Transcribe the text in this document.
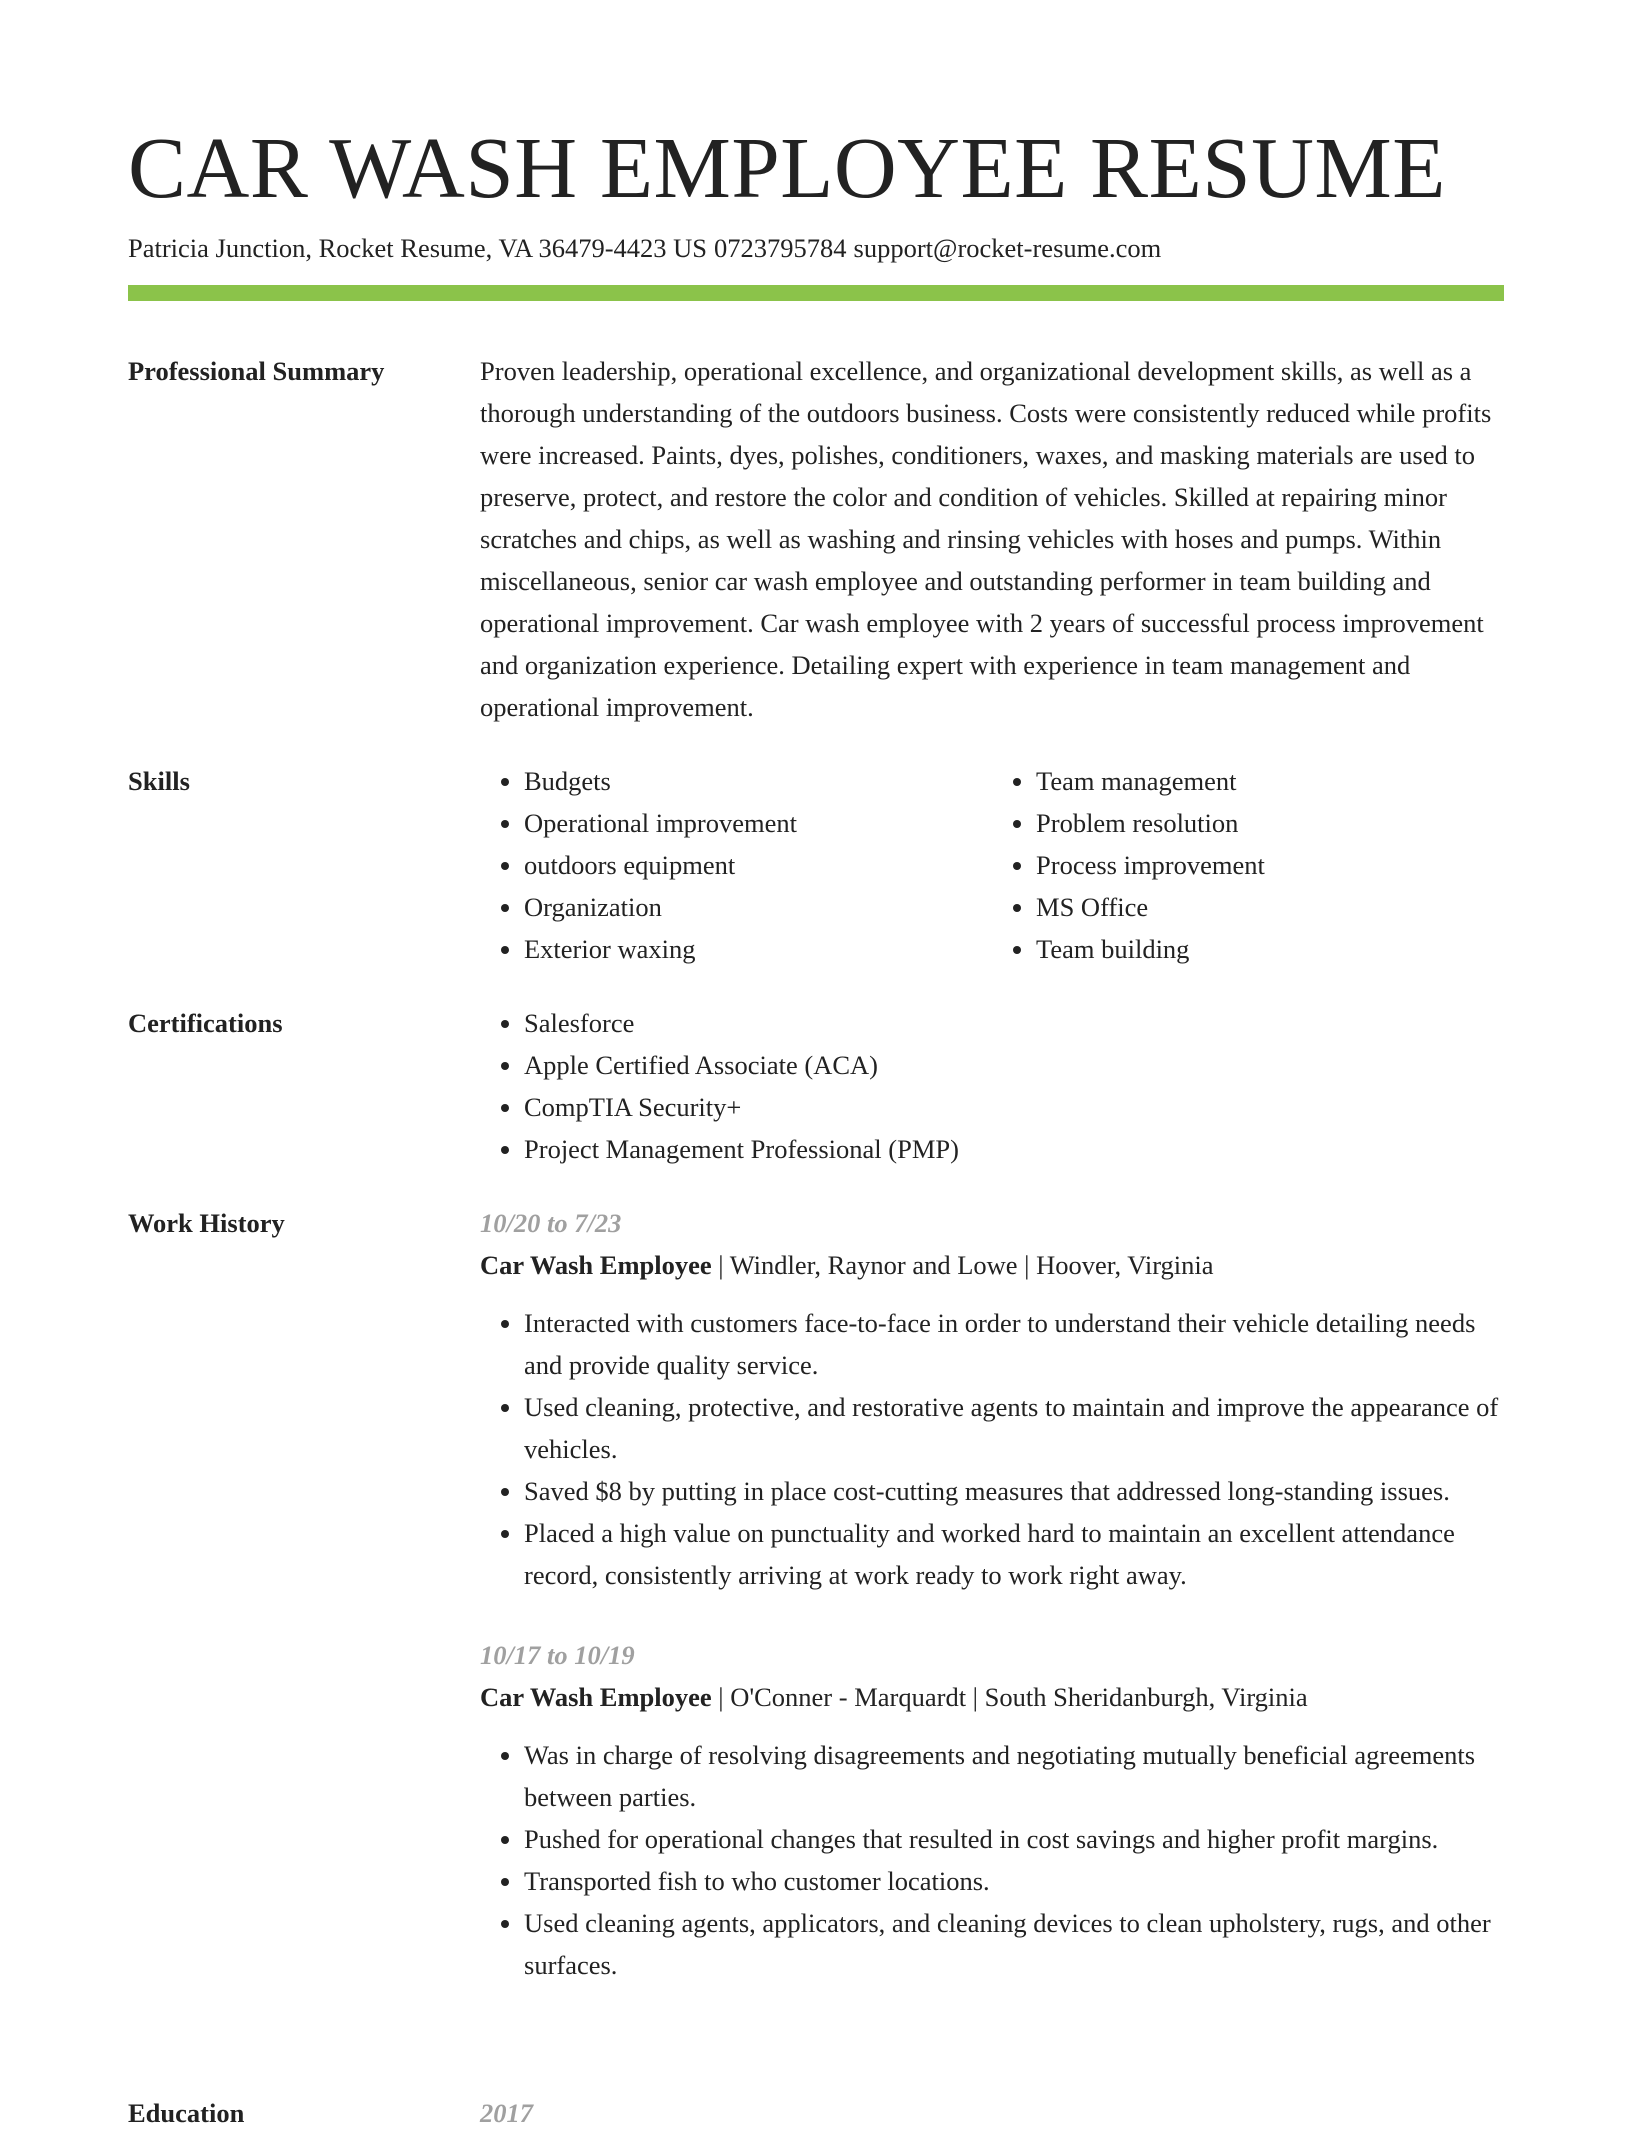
CAR WASH EMPLOYEE RESUME
Patricia Junction, Rocket Resume, VA 36479-4423 US 0723795784 support@rocket-resume.com
Professional Summary	Proven leadership, operational excellence, and organizational development skills, as well as a thorough understanding of the outdoors business. Costs were consistently reduced while profits were increased. Paints, dyes, polishes, conditioners, waxes, and masking materials are used to preserve, protect, and restore the color and condition of vehicles. Skilled at repairing minor scratches and chips, as well as washing and rinsing vehicles with hoses and pumps. Within miscellaneous, senior car wash employee and outstanding performer in team building and operational improvement. Car wash employee with 2 years of successful process improvement and organization experience. Detailing expert with experience in team management and operational improvement.

Skills	• Budgets
• Operational improvement
• outdoors equipment
• Organization
• Exterior waxing
• Team management
• Problem resolution
• Process improvement
• MS Office
• Team building
Certifications	• Salesforce
• Apple Certified Associate (ACA)
• CompTIA Security+
• Project Management Professional (PMP)
Work History	10/20 to 7/23

Car Wash Employee | Windler, Raynor and Lowe | Hoover, Virginia

• Interacted with customers face-to-face in order to understand their vehicle detailing needs and provide quality service.
• Used cleaning, protective, and restorative agents to maintain and improve the appearance of vehicles.
• Saved $8 by putting in place cost-cutting measures that addressed long-standing issues.
• Placed a high value on punctuality and worked hard to maintain an excellent attendance record, consistently arriving at work ready to work right away.

10/17 to 10/19

Car Wash Employee | O'Conner - Marquardt | South Sheridanburgh, Virginia

• Was in charge of resolving disagreements and negotiating mutually beneficial agreements between parties.
• Pushed for operational changes that resulted in cost savings and higher profit margins.
• Transported fish to who customer locations.
• Used cleaning agents, applicators, and cleaning devices to clean upholstery, rugs, and other surfaces.
Education	2017
